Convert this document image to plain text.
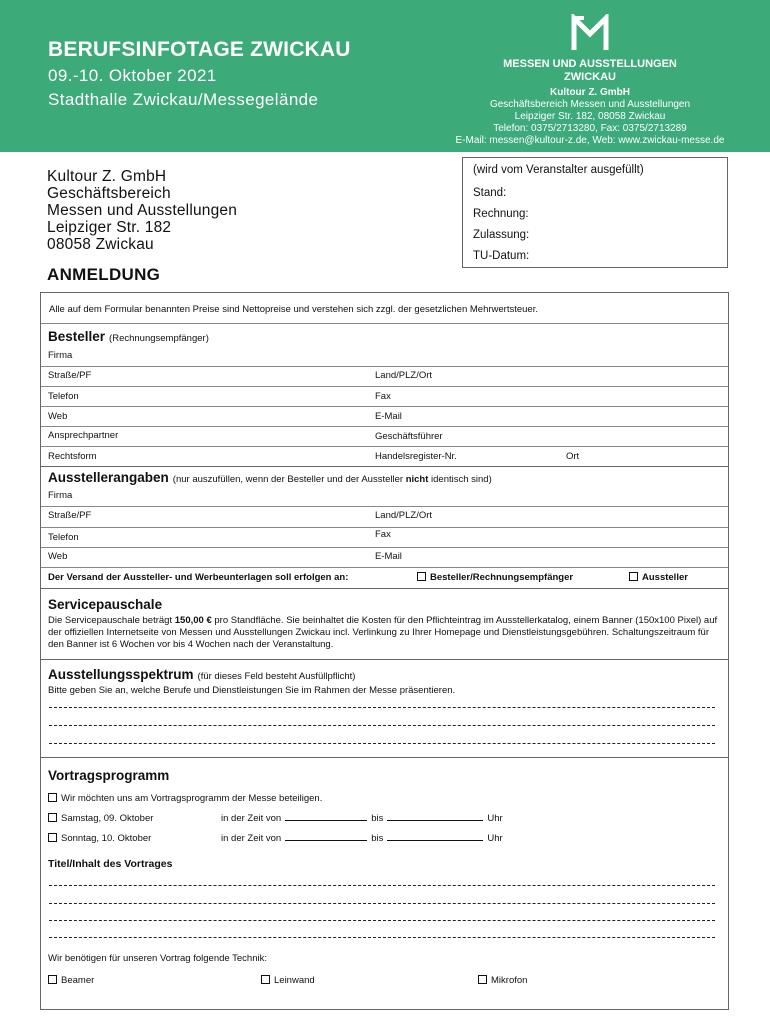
BERUFSINFOTAGE ZWICKAU
09.-10. Oktober 2021
Stadthalle Zwickau/Messegelände
MESSEN UND AUSSTELLUNGEN
ZWICKAU
Kultour Z. GmbH
Geschäftsbereich Messen und Ausstellungen
Leipziger Str. 182, 08058 Zwickau
Telefon: 0375/2713280, Fax: 0375/2713289
E-Mail: messen@kultour-z.de, Web: www.zwickau-messe.de
Kultour Z. GmbH
Geschäftsbereich
Messen und Ausstellungen
Leipziger Str. 182
08058 Zwickau
(wird vom Veranstalter ausgefüllt)
Stand:
Rechnung:
Zulassung:
TU-Datum:
ANMELDUNG
Alle auf dem Formular benannten Preise sind Nettopreise und verstehen sich zzgl. der gesetzlichen Mehrwertsteuer.
Besteller (Rechnungsempfänger)
Firma
Straße/PF	Land/PLZ/Ort
Telefon	Fax
Web	E-Mail
Ansprechpartner	Geschäftsführer
Rechtsform	Handelsregister-Nr.	Ort
Ausstellerangaben (nur auszufüllen, wenn der Besteller und der Aussteller nicht identisch sind)
Firma
Straße/PF	Land/PLZ/Ort
Telefon	Fax
Web	E-Mail
Der Versand der Aussteller- und Werbeunterlagen soll erfolgen an:	Besteller/Rechnungsempfänger	Aussteller
Servicepauschale
Die Servicepauschale beträgt 150,00 € pro Standfläche. Sie beinhaltet die Kosten für den Pflichteintrag im Ausstellerkatalog, einem Banner (150x100 Pixel) auf der offiziellen Internetseite von Messen und Ausstellungen Zwickau incl. Verlinkung zu Ihrer Homepage und Dienstleistungsgebühren. Schaltungszeitraum für den Banner ist 6 Wochen vor bis 4 Wochen nach der Veranstaltung.
Ausstellungsspektrum (für dieses Feld besteht Ausfüllpflicht)
Bitte geben Sie an, welche Berufe und Dienstleistungen Sie im Rahmen der Messe präsentieren.
Vortragsprogramm
Wir möchten uns am Vortragsprogramm der Messe beteiligen.
Samstag, 09. Oktober	in der Zeit von	bis	Uhr
Sonntag, 10. Oktober	in der Zeit von	bis	Uhr
Titel/Inhalt des Vortrages
Wir benötigen für unseren Vortrag folgende Technik:
Beamer	Leinwand	Mikrofon
